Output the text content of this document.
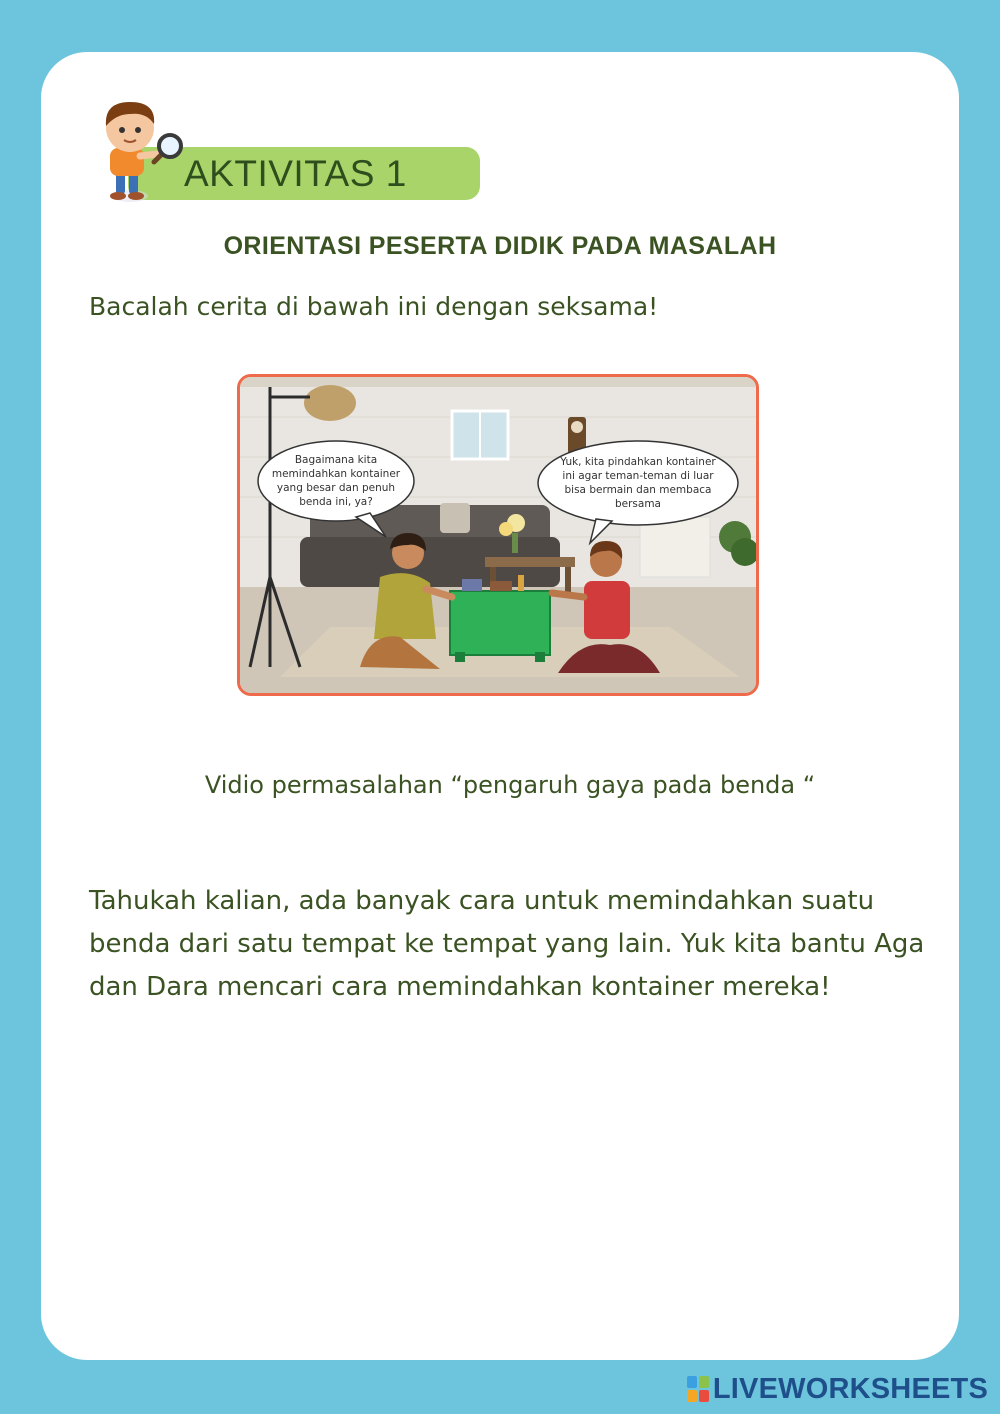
AKTIVITAS 1
ORIENTASI PESERTA DIDIK PADA MASALAH
Bacalah cerita di bawah ini dengan seksama!
Bagaimana kita
memindahkan kontainer
yang besar dan penuh
benda ini, ya?
Yuk, kita pindahkan kontainer
ini agar teman-teman di luar
bisa bermain dan membaca
bersama
Vidio permasalahan “pengaruh gaya pada benda “
Tahukah kalian, ada banyak cara untuk memindahkan suatu benda dari satu tempat ke tempat yang lain. Yuk kita bantu Aga dan Dara mencari cara memindahkan kontainer mereka!
LIVEWORKSHEETS
